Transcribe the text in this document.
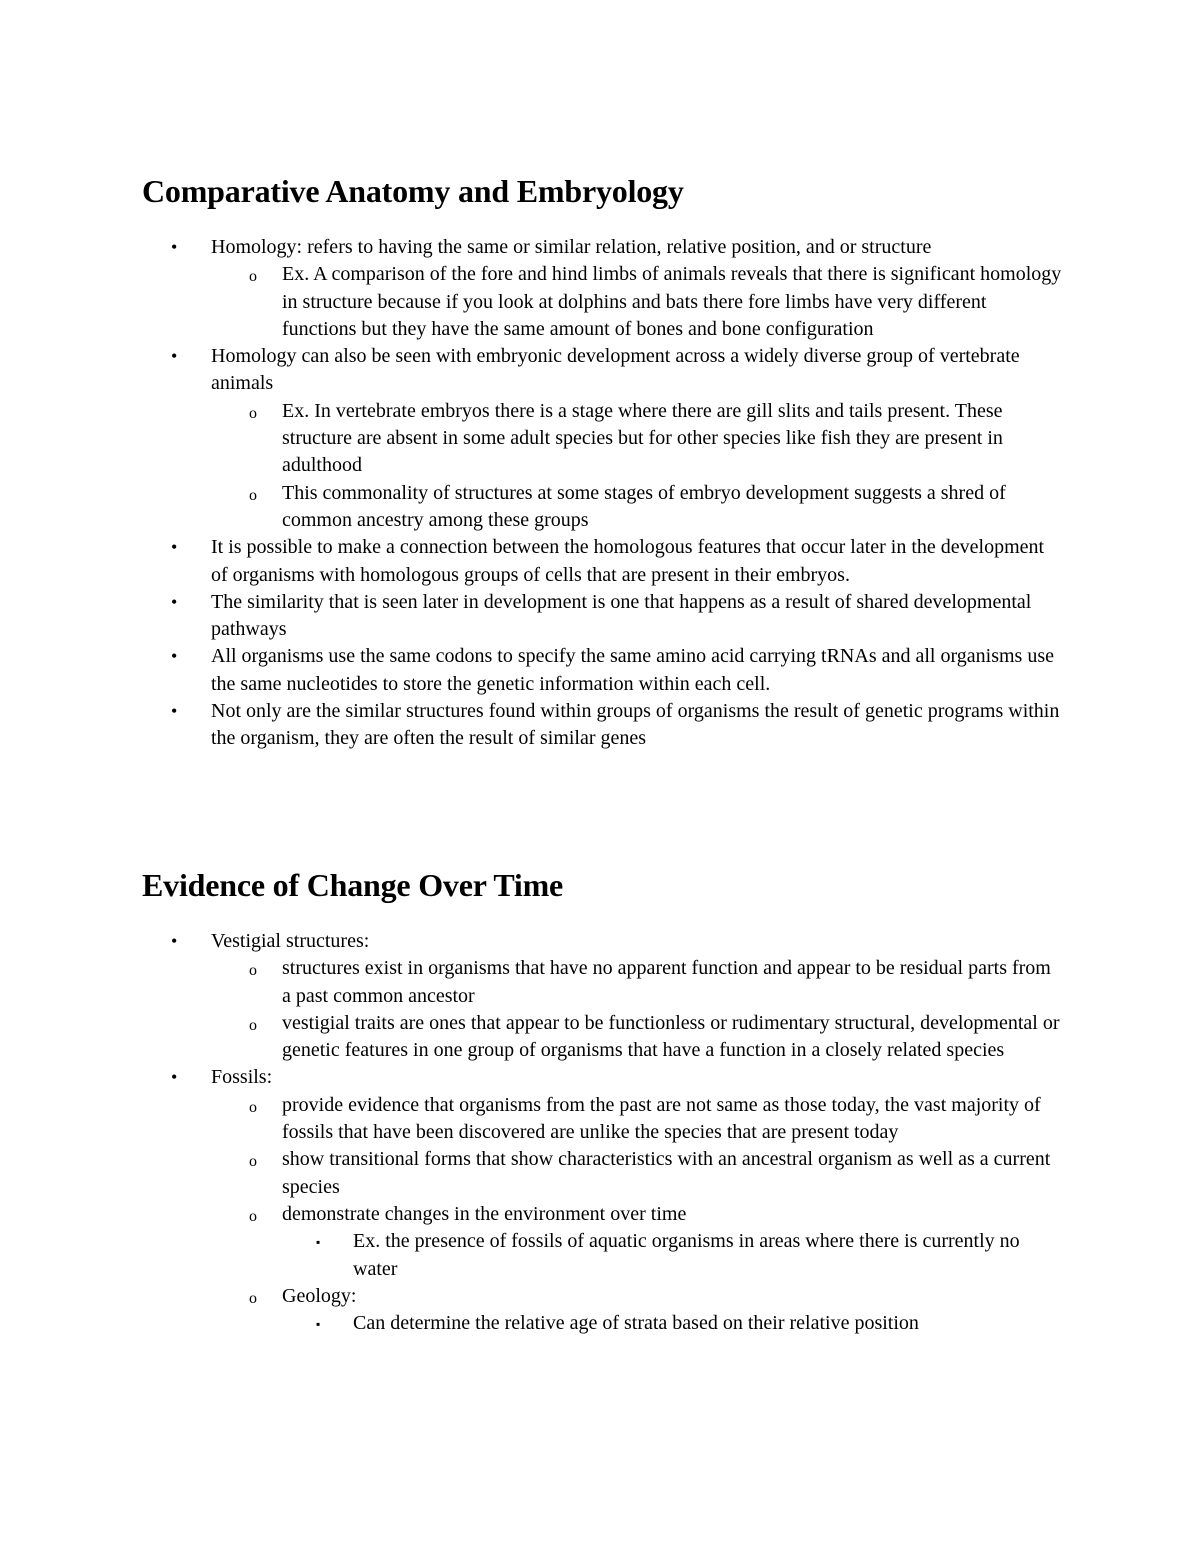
Comparative Anatomy and Embryology
• Homology: refers to having the same or similar relation, relative position, and or structure
o Ex. A comparison of the fore and hind limbs of animals reveals that there is significant homology in structure because if you look at dolphins and bats there fore limbs have very different functions but they have the same amount of bones and bone configuration
• Homology can also be seen with embryonic development across a widely diverse group of vertebrate animals
o Ex. In vertebrate embryos there is a stage where there are gill slits and tails present. These structure are absent in some adult species but for other species like fish they are present in adulthood
o This commonality of structures at some stages of embryo development suggests a shred of common ancestry among these groups
• It is possible to make a connection between the homologous features that occur later in the development of organisms with homologous groups of cells that are present in their embryos.
• The similarity that is seen later in development is one that happens as a result of shared developmental pathways
• All organisms use the same codons to specify the same amino acid carrying tRNAs and all organisms use the same nucleotides to store the genetic information within each cell.
• Not only are the similar structures found within groups of organisms the result of genetic programs within the organism, they are often the result of similar genes
Evidence of Change Over Time
• Vestigial structures:
o structures exist in organisms that have no apparent function and appear to be residual parts from a past common ancestor
o vestigial traits are ones that appear to be functionless or rudimentary structural, developmental or genetic features in one group of organisms that have a function in a closely related species
• Fossils:
o provide evidence that organisms from the past are not same as those today, the vast majority of fossils that have been discovered are unlike the species that are present today
o show transitional forms that show characteristics with an ancestral organism as well as a current species
o demonstrate changes in the environment over time
▪ Ex. the presence of fossils of aquatic organisms in areas where there is currently no water
o Geology:
▪ Can determine the relative age of strata based on their relative position
